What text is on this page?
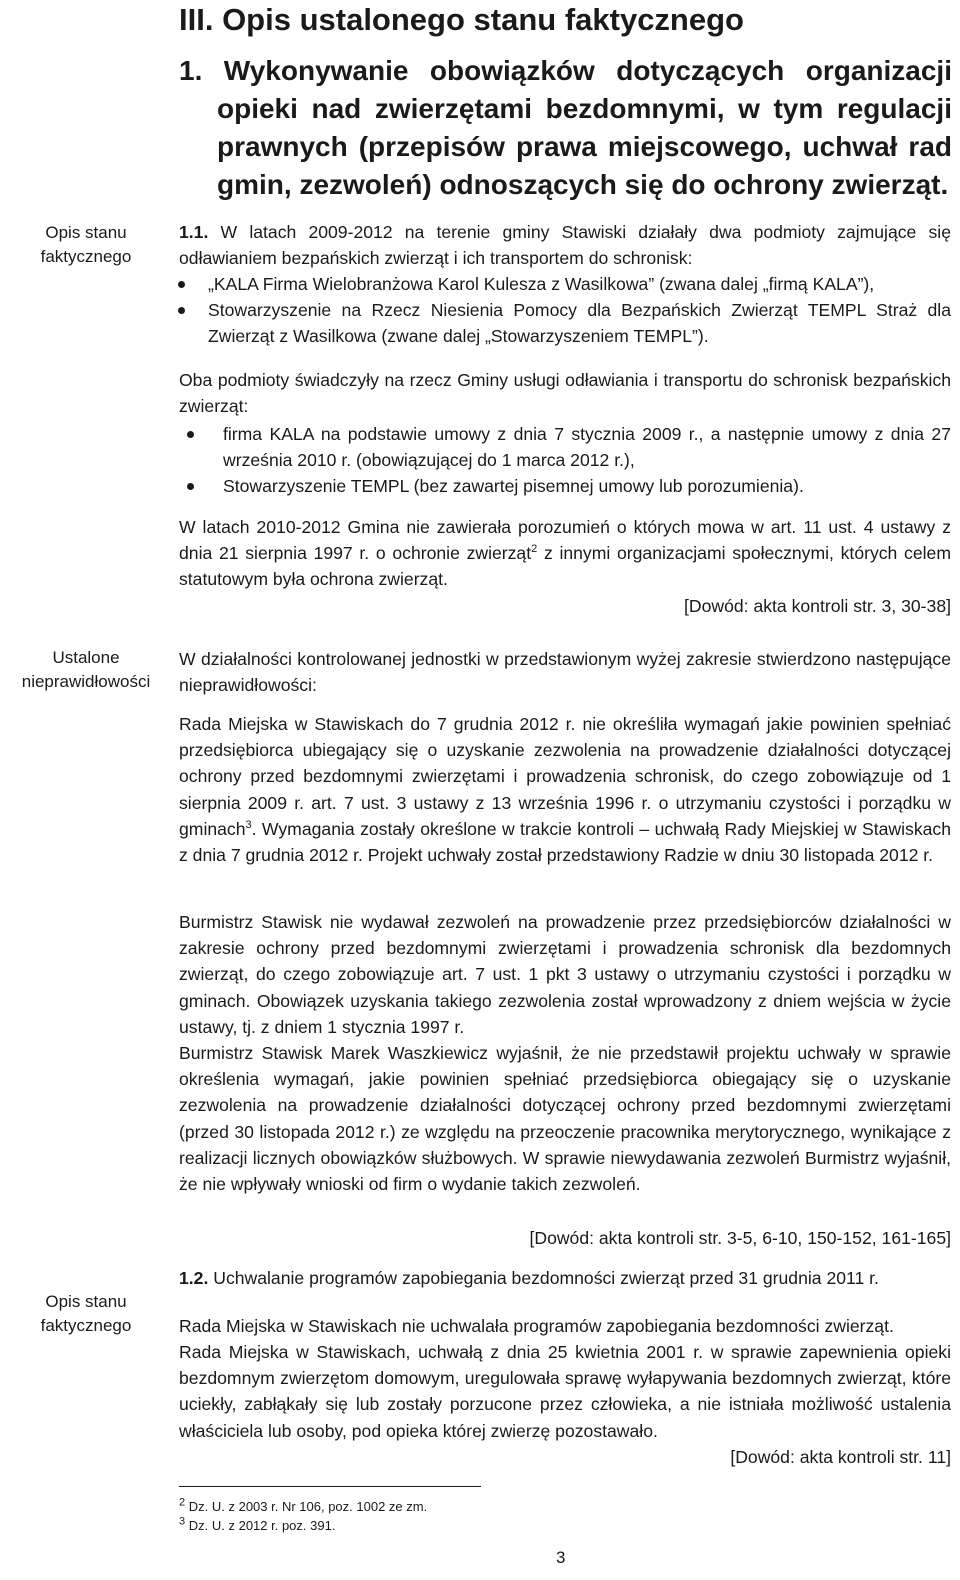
Opis stanu
faktycznego
Ustalone
nieprawidłowości
Opis stanu
faktycznego
III. Opis ustalonego stanu faktycznego
1. Wykonywanie obowiązków dotyczących organizacji opieki nad zwierzętami bezdomnymi, w tym regulacji prawnych (przepisów prawa miejscowego, uchwał rad gmin, zezwoleń) odnoszących się do ochrony zwierząt.
1.1. W latach 2009-2012 na terenie gminy Stawiski działały dwa podmioty zajmujące się odławianiem bezpańskich zwierząt i ich transportem do schronisk:
„KALA Firma Wielobranżowa Karol Kulesza z Wasilkowa” (zwana dalej „firmą KALA”),
Stowarzyszenie na Rzecz Niesienia Pomocy dla Bezpańskich Zwierząt TEMPL Straż dla Zwierząt z Wasilkowa (zwane dalej „Stowarzyszeniem TEMPL”).
Oba podmioty świadczyły na rzecz Gminy usługi odławiania i transportu do schronisk bezpańskich zwierząt:
firma KALA na podstawie umowy z dnia 7 stycznia 2009 r., a następnie umowy z dnia 27 września 2010 r. (obowiązującej do 1 marca 2012 r.),
Stowarzyszenie TEMPL (bez zawartej pisemnej umowy lub porozumienia).
W latach 2010-2012 Gmina nie zawierała porozumień o których mowa w art. 11 ust. 4 ustawy z dnia 21 sierpnia 1997 r. o ochronie zwierząt$^2$ z innymi organizacjami społecznymi, których celem statutowym była ochrona zwierząt.
[Dowód: akta kontroli str. 3, 30-38]
W działalności kontrolowanej jednostki w przedstawionym wyżej zakresie stwierdzono następujące nieprawidłowości:
Rada Miejska w Stawiskach do 7 grudnia 2012 r. nie określiła wymagań jakie powinien spełniać przedsiębiorca ubiegający się o uzyskanie zezwolenia na prowadzenie działalności dotyczącej ochrony przed bezdomnymi zwierzętami i prowadzenia schronisk, do czego zobowiązuje od 1 sierpnia 2009 r. art. 7 ust. 3 ustawy z 13 września 1996 r. o utrzymaniu czystości i porządku w gminach$^3$. Wymagania zostały określone w trakcie kontroli – uchwałą Rady Miejskiej w Stawiskach z dnia 7 grudnia 2012 r. Projekt uchwały został przedstawiony Radzie w dniu 30 listopada 2012 r.
Burmistrz Stawisk nie wydawał zezwoleń na prowadzenie przez przedsiębiorców działalności w zakresie ochrony przed bezdomnymi zwierzętami i prowadzenia schronisk dla bezdomnych zwierząt, do czego zobowiązuje art. 7 ust. 1 pkt 3 ustawy o utrzymaniu czystości i porządku w gminach. Obowiązek uzyskania takiego zezwolenia został wprowadzony z dniem wejścia w życie ustawy, tj. z dniem 1 stycznia 1997 r.
Burmistrz Stawisk Marek Waszkiewicz wyjaśnił, że nie przedstawił projektu uchwały w sprawie określenia wymagań, jakie powinien spełniać przedsiębiorca obiegający się o uzyskanie zezwolenia na prowadzenie działalności dotyczącej ochrony przed bezdomnymi zwierzętami (przed 30 listopada 2012 r.) ze względu na przeoczenie pracownika merytorycznego, wynikające z realizacji licznych obowiązków służbowych. W sprawie niewydawania zezwoleń Burmistrz wyjaśnił, że nie wpływały wnioski od firm o wydanie takich zezwoleń.
[Dowód: akta kontroli str. 3-5, 6-10, 150-152, 161-165]
1.2. Uchwalanie programów zapobiegania bezdomności zwierząt przed 31 grudnia 2011 r.
Rada Miejska w Stawiskach nie uchwalała programów zapobiegania bezdomności zwierząt.
Rada Miejska w Stawiskach, uchwałą z dnia 25 kwietnia 2001 r. w sprawie zapewnienia opieki bezdomnym zwierzętom domowym, uregulowała sprawę wyłapywania bezdomnych zwierząt, które uciekły, zabłąkały się lub zostały porzucone przez człowieka, a nie istniała możliwość ustalenia właściciela lub osoby, pod opieka której zwierzę pozostawało.
[Dowód: akta kontroli str. 11]
$^2$ Dz. U. z 2003 r. Nr 106, poz. 1002 ze zm.
$^3$ Dz. U. z 2012 r. poz. 391.
3
